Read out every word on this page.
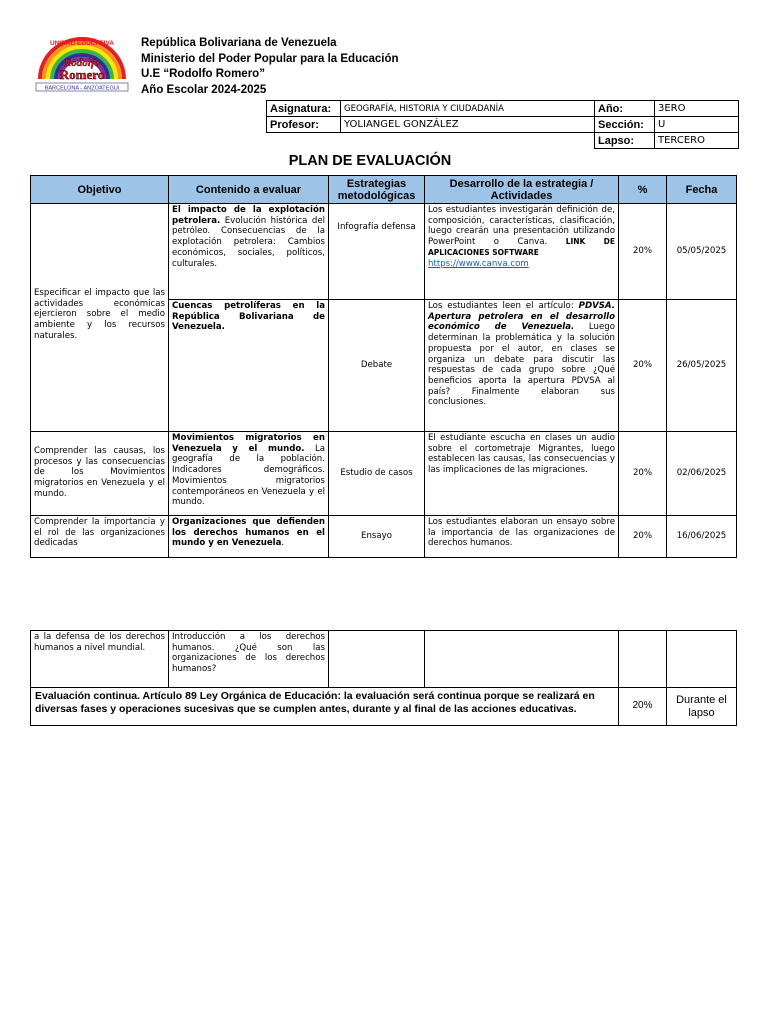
UNIDAD EDUCATIVA
Rodolfo
Romero
BARCELONA - ANZOATEGUI
República Bolivariana de Venezuela
Ministerio del Poder Popular para la Educación
U.E “Rodolfo Romero”
Año Escolar 2024-2025
Asignatura:	GEOGRAFÍA, HISTORIA Y CIUDADANÍA	Año:	3ERO
Profesor:	YOLIANGEL GONZÁLEZ	Sección:	U
		Lapso:	TERCERO
PLAN DE EVALUACIÓN
Objetivo	Contenido a evaluar	Estrategias metodológicas	Desarrollo de la estrategia / Actividades	%	Fecha
Especificar el impacto que las actividades económicas ejercieron sobre el medio ambiente y los recursos naturales.	El impacto de la explotación petrolera. Evolución histórica del petróleo. Consecuencias de la explotación petrolera: Cambios económicos, sociales, políticos, culturales.	Infografía defensa	Los estudiantes investigarán definición de, composición, características, clasificación, luego crearán una presentación utilizando PowerPoint o Canva. LINK DE APLICACIONES SOFTWARE
https://www.canva.com	20%	05/05/2025
	Cuencas petrolíferas en la República Bolivariana de Venezuela.	Debate	Los estudiantes leen el artículo: PDVSA. Apertura petrolera en el desarrollo económico de Venezuela. Luego determinan la problemática y la solución propuesta por el autor, en clases se organiza un debate para discutir las respuestas de cada grupo sobre ¿Qué beneficios aporta la apertura PDVSA al país? Finalmente elaboran sus conclusiones.	20%	26/05/2025
Comprender las causas, los procesos y las consecuencias de los Movimientos migratorios en Venezuela y el mundo.	Movimientos migratorios en Venezuela y el mundo. La geografía de la población. Indicadores demográficos. Movimientos migratorios contemporáneos en Venezuela y el mundo.	Estudio de casos	El estudiante escucha en clases un audio sobre el cortometraje Migrantes, luego establecen las causas, las consecuencias y las implicaciones de las migraciones.	20%	02/06/2025
Comprender la importancia y el rol de las organizaciones dedicadas	Organizaciones que defienden los derechos humanos en el mundo y en Venezuela.	Ensayo	Los estudiantes elaboran un ensayo sobre la importancia de las organizaciones de derechos humanos.	20%	16/06/2025
a la defensa de los derechos humanos a nivel mundial.	Introducción a los derechos humanos. ¿Qué son las organizaciones de los derechos humanos?				
Evaluación continua. Artículo 89 Ley Orgánica de Educación: la evaluación será continua porque se realizará en diversas fases y operaciones sucesivas que se cumplen antes, durante y al final de las acciones educativas.				20%	Durante el lapso
